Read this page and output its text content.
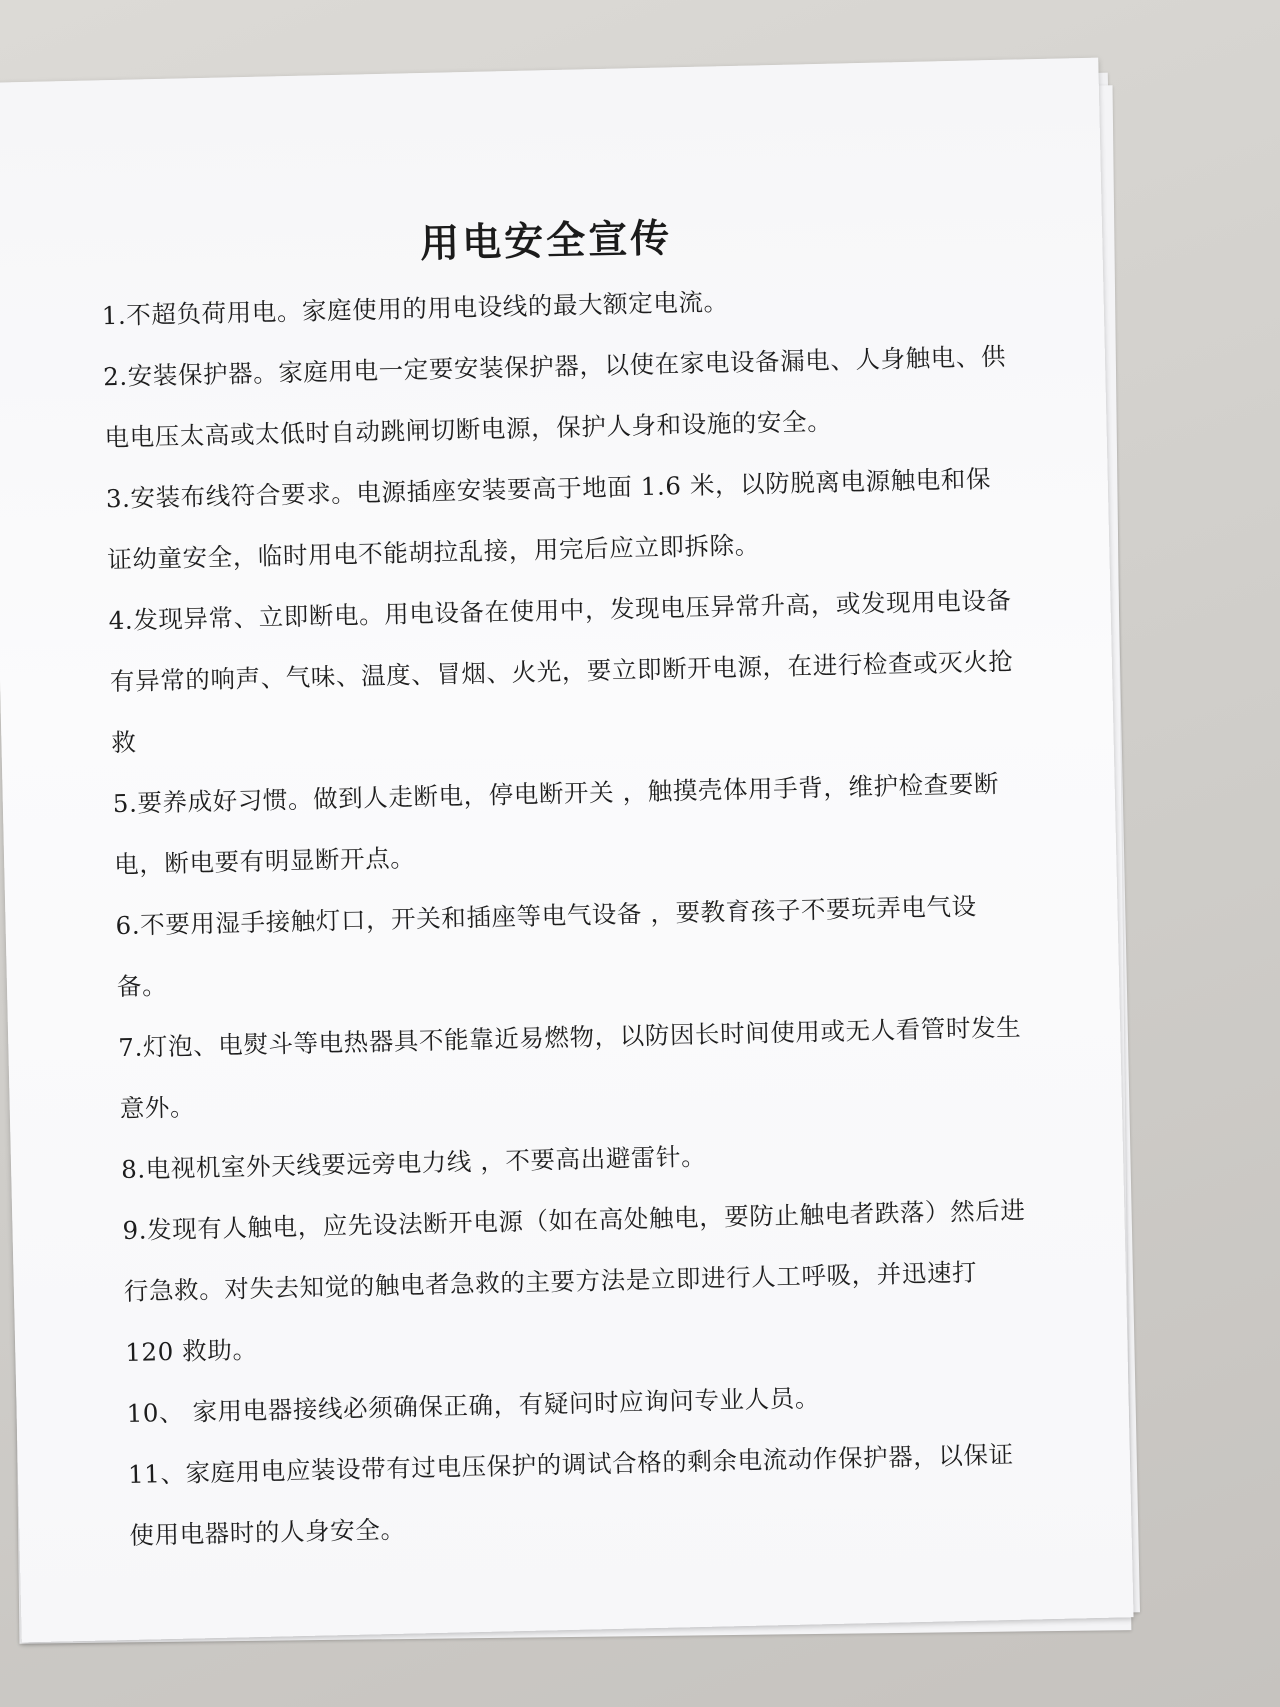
用电安全宣传

1.不超负荷用电。家庭使用的用电设线的最大额定电流。

2.安装保护器。家庭用电一定要安装保护器，以使在家电设备漏电、人身触电、供电电压太高或太低时自动跳闸切断电源，保护人身和设施的安全。

3.安装布线符合要求。电源插座安装要高于地面 1.6 米，以防脱离电源触电和保证幼童安全，临时用电不能胡拉乱接，用完后应立即拆除。

4.发现异常、立即断电。用电设备在使用中，发现电压异常升高，或发现用电设备有异常的响声、气味、温度、冒烟、火光，要立即断开电源，在进行检查或灭火抢救

5.要养成好习惯。做到人走断电，停电断开关 ，触摸壳体用手背，维护检查要断电，断电要有明显断开点。

6.不要用湿手接触灯口，开关和插座等电气设备 ，要教育孩子不要玩弄电气设备。

7.灯泡、电熨斗等电热器具不能靠近易燃物，以防因长时间使用或无人看管时发生意外。

8.电视机室外天线要远旁电力线 ，不要高出避雷针。

9.发现有人触电，应先设法断开电源（如在高处触电，要防止触电者跌落）然后进行急救。对失去知觉的触电者急救的主要方法是立即进行人工呼吸，并迅速打 120 救助。

10、 家用电器接线必须确保正确，有疑问时应询问专业人员。

11、家庭用电应装设带有过电压保护的调试合格的剩余电流动作保护器，以保证使用电器时的人身安全。
